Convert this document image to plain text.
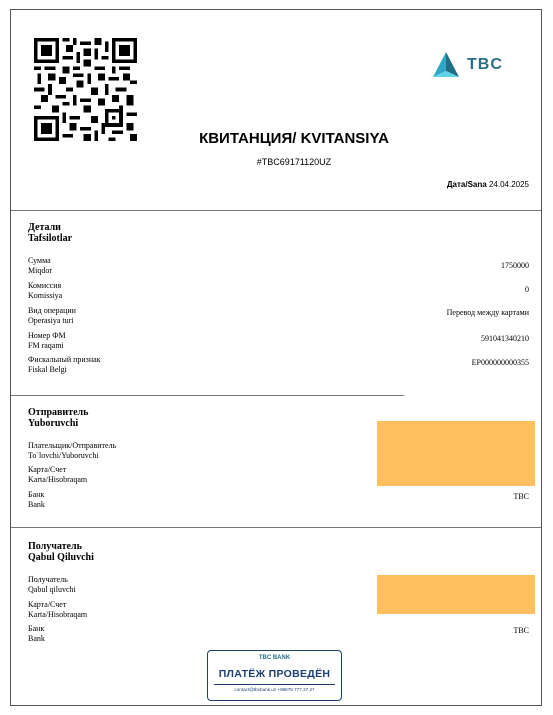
TBC
КВИТАНЦИЯ/ KVITANSIYA
#TBC69171120UZ
Дата/Sana 24.04.2025
Детали
Tafsilotlar
Сумма
Miqdor	1750000
Комиссия
Komissiya
0
Вид операции
Operasiya turi
Перевод между картами
Номер ФМ
FM raqami
591041340210
Фискальный признак
Fiskal Belgi
EP000000000355
Отправитель
Yuboruvchi
Плательщик/Отправитель
To`lovchi/Yuboruvchi
Карта/Счет
Karta/Hisobraqam
Банк
Bank
TBC
Получатель
Qabul Qiluvchi
Получатель
Qabul qiluvchi
Карта/Счет
Karta/Hisobraqam
Банк
Bank
TBC
TBC BANK
ПЛАТЁЖ ПРОВЕДЁН
contact@tbcbank.uz +99878 777 27 27
